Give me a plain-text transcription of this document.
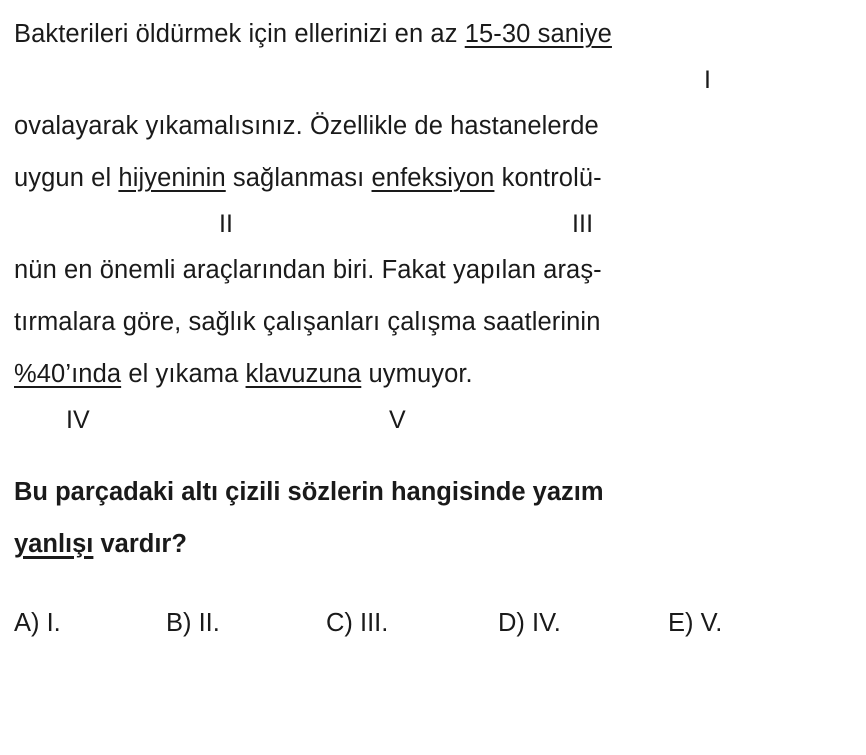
Bakterileri öldürmek için ellerinizi en az 15-30 saniye

I

ovalayarak yıkamalısınız. Özellikle de hastanelerde
uygun el hijyeninin sağlanması enfeksiyon kontrolü-

II

	III

nün en önemli araçlarından biri. Fakat yapılan araş-
tırmalara göre, sağlık çalışanları çalışma saatlerinin
%40’ında el yıkama klavuzuna uymuyor.

IV

	V

Bu parçadaki altı çizili sözlerin hangisinde yazım
yanlışı vardır?
A) I.	B) II.	C) III.	D) IV.	E) V.
